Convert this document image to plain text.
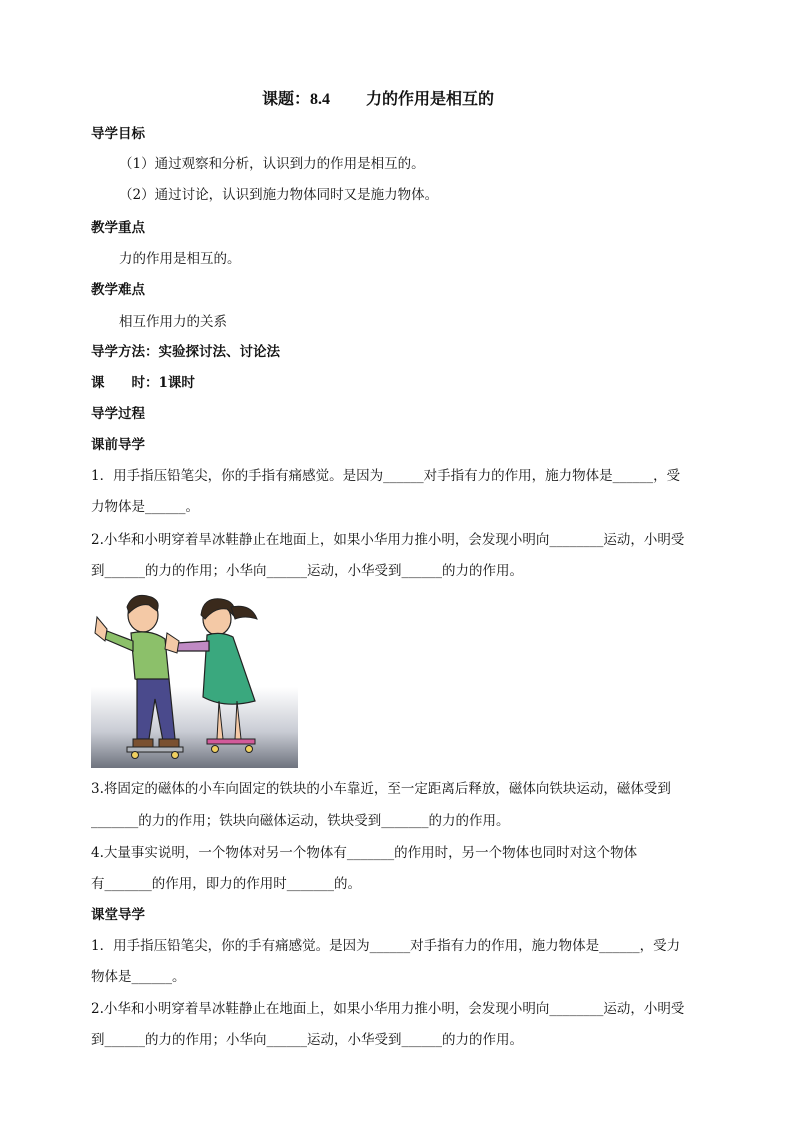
课题：8.4 力的作用是相互的
导学目标
（1）通过观察和分析，认识到力的作用是相互的。
（2）通过讨论，认识到施力物体同时又是施力物体。
教学重点
力的作用是相互的。
教学难点
相互作用力的关系
导学方法：实验探讨法、讨论法
课　　时：1课时
导学过程
课前导学
1．用手指压铅笔尖，你的手指有痛感觉。是因为______对手指有力的作用，施力物体是______，受
力物体是______。
2.小华和小明穿着旱冰鞋静止在地面上，如果小华用力推小明，会发现小明向________运动，小明受
到______的力的作用；小华向______运动，小华受到______的力的作用。
3.将固定的磁体的小车向固定的铁块的小车靠近，至一定距离后释放，磁体向铁块运动，磁体受到
_______的力的作用；铁块向磁体运动，铁块受到_______的力的作用。
4.大量事实说明，一个物体对另一个物体有_______的作用时，另一个物体也同时对这个物体
有_______的作用，即力的作用时_______的。
课堂导学
1．用手指压铅笔尖，你的手有痛感觉。是因为______对手指有力的作用，施力物体是______，受力
物体是______。
2.小华和小明穿着旱冰鞋静止在地面上，如果小华用力推小明，会发现小明向________运动，小明受
到______的力的作用；小华向______运动，小华受到______的力的作用。
